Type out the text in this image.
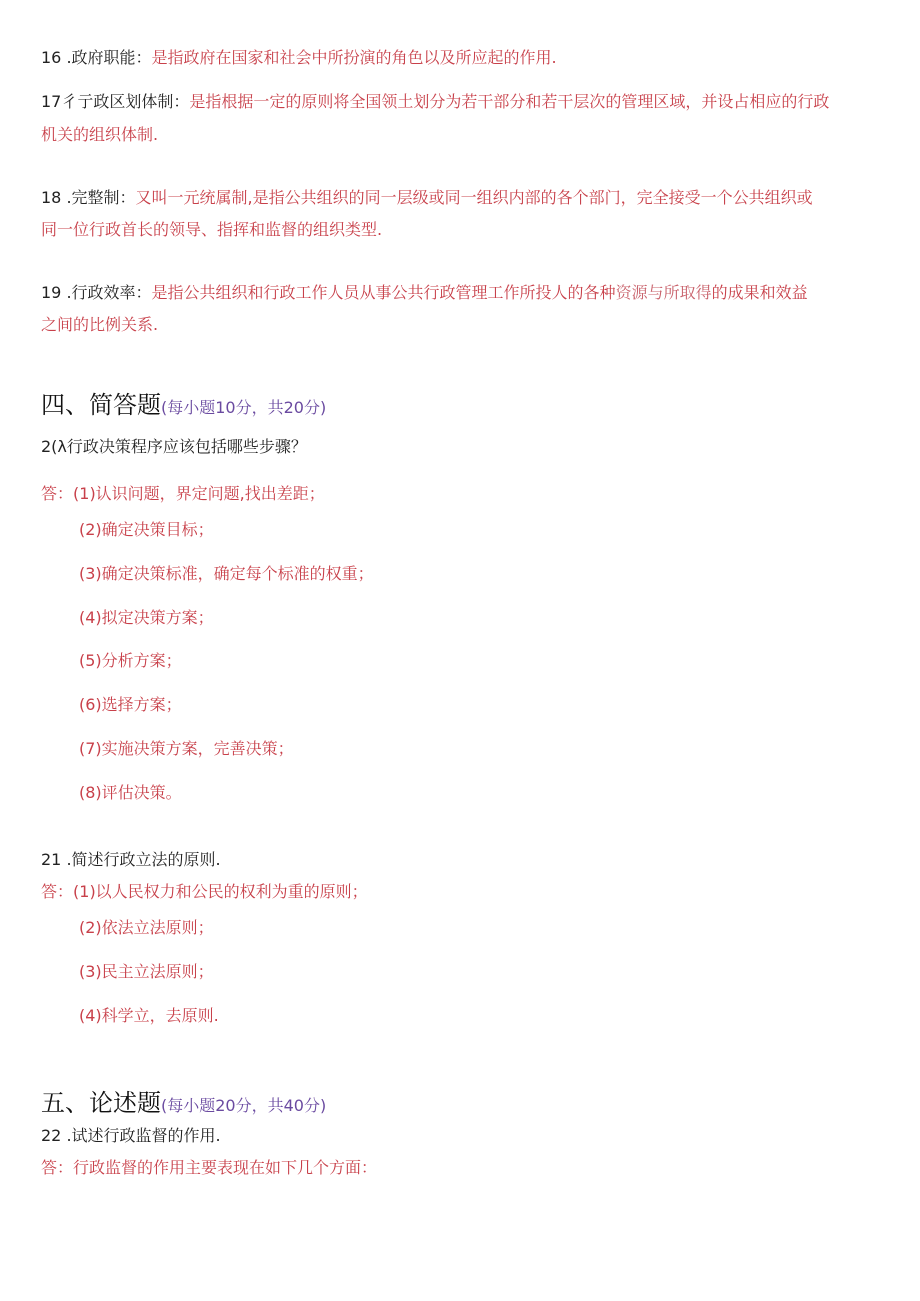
16 .政府职能：是指政府在国家和社会中所扮演的角色以及所应起的作用.
17彳亍政区划体制：是指根据一定的原则将全国领土划分为若干部分和若干层次的管理区域，并设占相应的行政
机关的组织体制.
18 .完整制：又叫一元统属制,是指公共组织的同一层级或同一组织内部的各个部门，完全接受一个公共组织或
同一位行政首长的领导、指挥和监督的组织类型.
19 .行政效率：是指公共组织和行政工作人员从事公共行政管理工作所投人的各种资源与所取得的成果和效益
之间的比例关系.
四、简答题(每小题10分，共20分)
2(λ行政决策程序应该包括哪些步骤？
答：(1)认识问题，界定问题,找出差距；
(2)确定决策目标；
(3)确定决策标准，确定每个标准的权重；
(4)拟定决策方案；
(5)分析方案；
(6)选择方案；
(7)实施决策方案，完善决策；
(8)评估决策。
21 .简述行政立法的原则.
答：(1)以人民权力和公民的权利为重的原则；
(2)依法立法原则；
(3)民主立法原则；
(4)科学立，去原则.
五、论述题(每小题20分，共40分)
22 .试述行政监督的作用.
答：行政监督的作用主要表现在如下几个方面：
